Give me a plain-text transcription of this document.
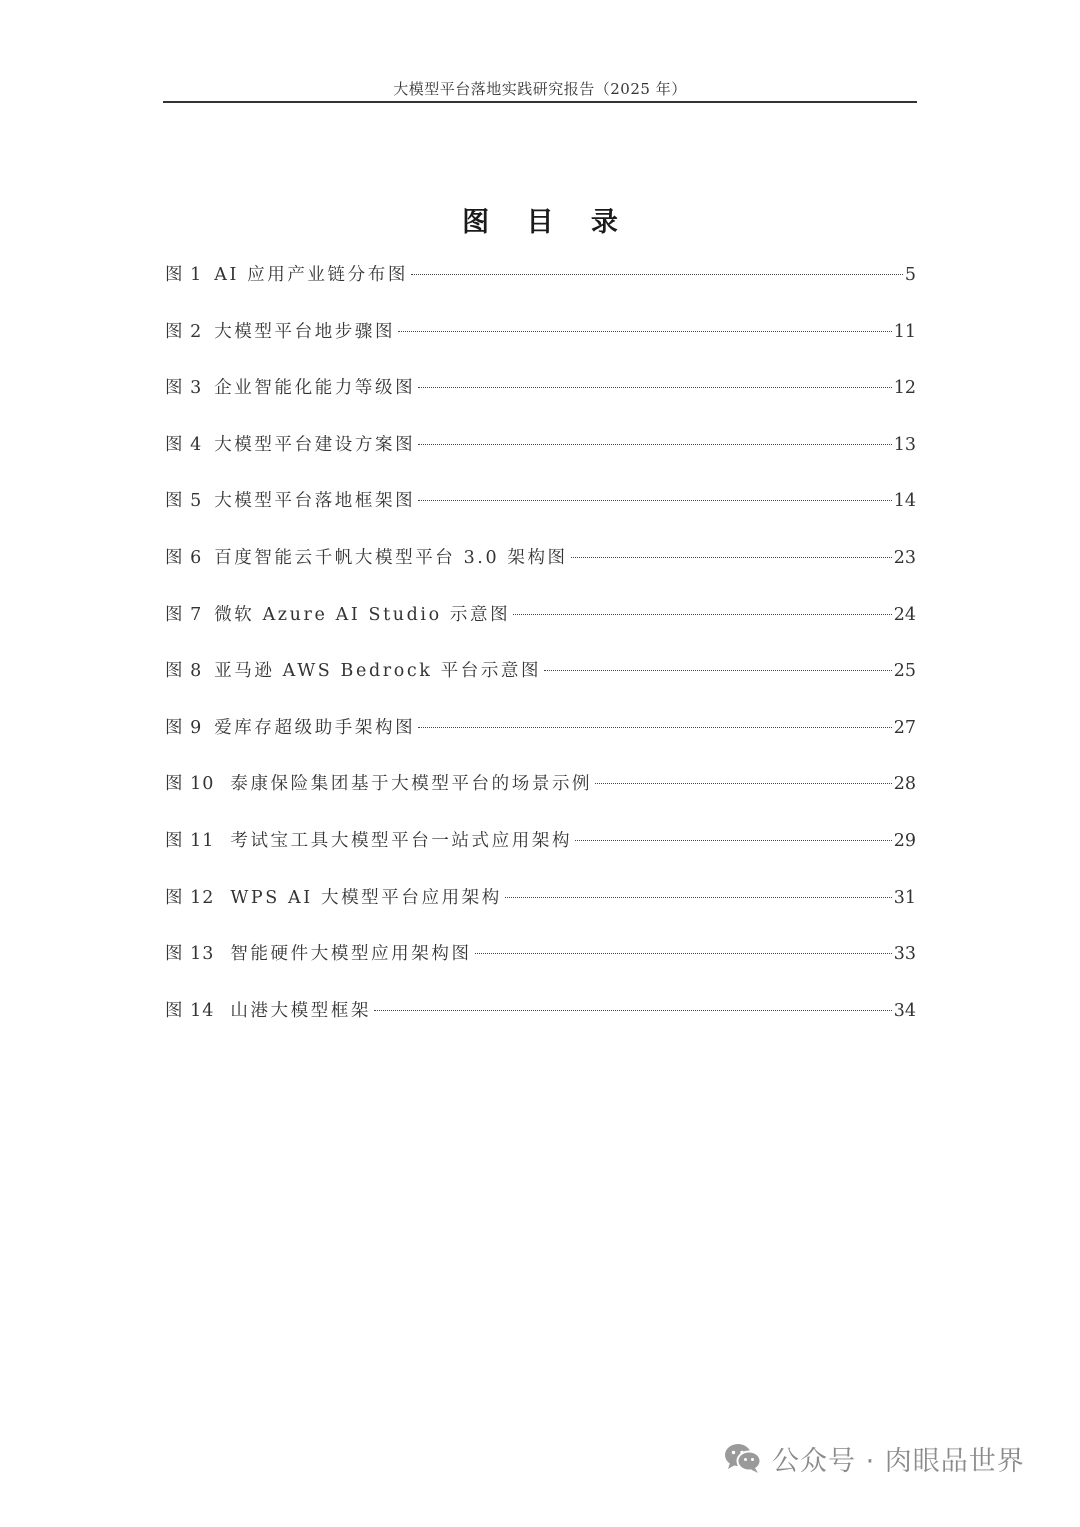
大模型平台落地实践研究报告（2025 年）
图 目 录
图 1 AI 应用产业链分布图	5
图 2 大模型平台地步骤图	11
图 3 企业智能化能力等级图	12
图 4 大模型平台建设方案图	13
图 5 大模型平台落地框架图	14
图 6 百度智能云千帆大模型平台 3.0 架构图	23
图 7 微软 Azure AI Studio 示意图	24
图 8 亚马逊 AWS Bedrock 平台示意图	25
图 9 爱库存超级助手架构图	27
图 10 泰康保险集团基于大模型平台的场景示例	28
图 11 考试宝工具大模型平台一站式应用架构	29
图 12 WPS AI 大模型平台应用架构	31
图 13 智能硬件大模型应用架构图	33
图 14 山港大模型框架	34
公众号 · 肉眼品世界
